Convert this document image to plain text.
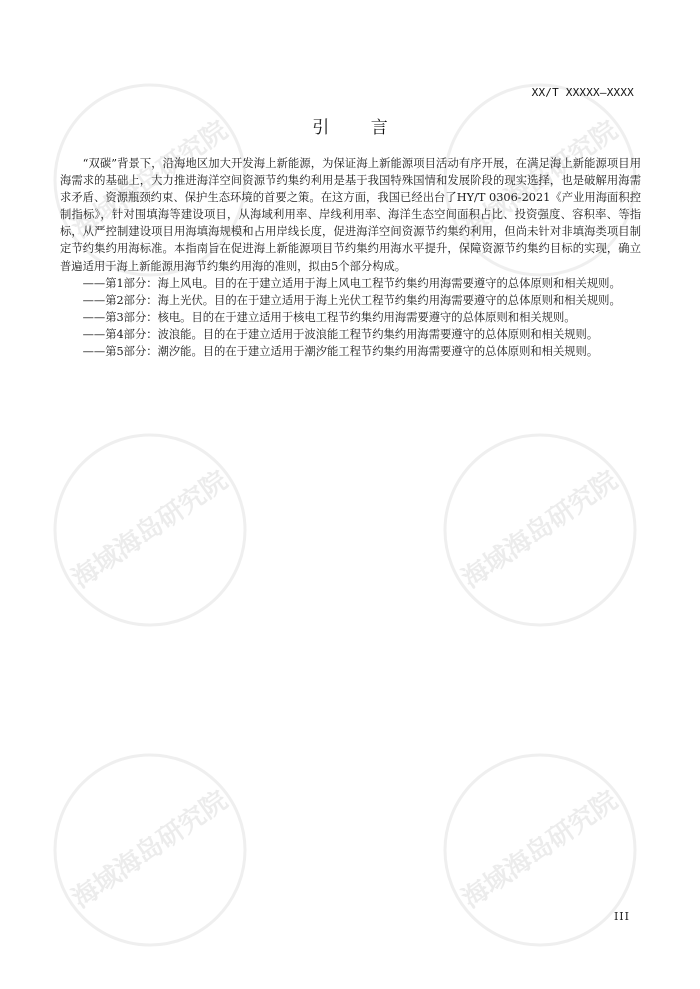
海域海岛研究院	海域海岛研究院
海域海岛研究院	海域海岛研究院
海域海岛研究院	海域海岛研究院
XX/T XXXXX—XXXX
引 言

“双碳”背景下，沿海地区加大开发海上新能源，为保证海上新能源项目活动有序开展，在满足海上新能源项目用海需求的基础上，大力推进海洋空间资源节约集约利用是基于我国特殊国情和发展阶段的现实选择，也是破解用海需求矛盾、资源瓶颈约束、保护生态环境的首要之策。在这方面，我国已经出台了HY/T 0306-2021《产业用海面积控制指标》，针对围填海等建设项目，从海域利用率、岸线利用率、海洋生态空间面积占比、投资强度、容积率、等指标，从严控制建设项目用海填海规模和占用岸线长度，促进海洋空间资源节约集约利用，但尚未针对非填海类项目制定节约集约用海标准。本指南旨在促进海上新能源项目节约集约用海水平提升，保障资源节约集约目标的实现，确立普遍适用于海上新能源用海节约集约用海的准则，拟由5个部分构成。

——第1部分：海上风电。目的在于建立适用于海上风电工程节约集约用海需要遵守的总体原则和相关规则。

——第2部分：海上光伏。目的在于建立适用于海上光伏工程节约集约用海需要遵守的总体原则和相关规则。

——第3部分：核电。目的在于建立适用于核电工程节约集约用海需要遵守的总体原则和相关规则。

——第4部分：波浪能。目的在于建立适用于波浪能工程节约集约用海需要遵守的总体原则和相关规则。

——第5部分：潮汐能。目的在于建立适用于潮汐能工程节约集约用海需要遵守的总体原则和相关规则。

III
